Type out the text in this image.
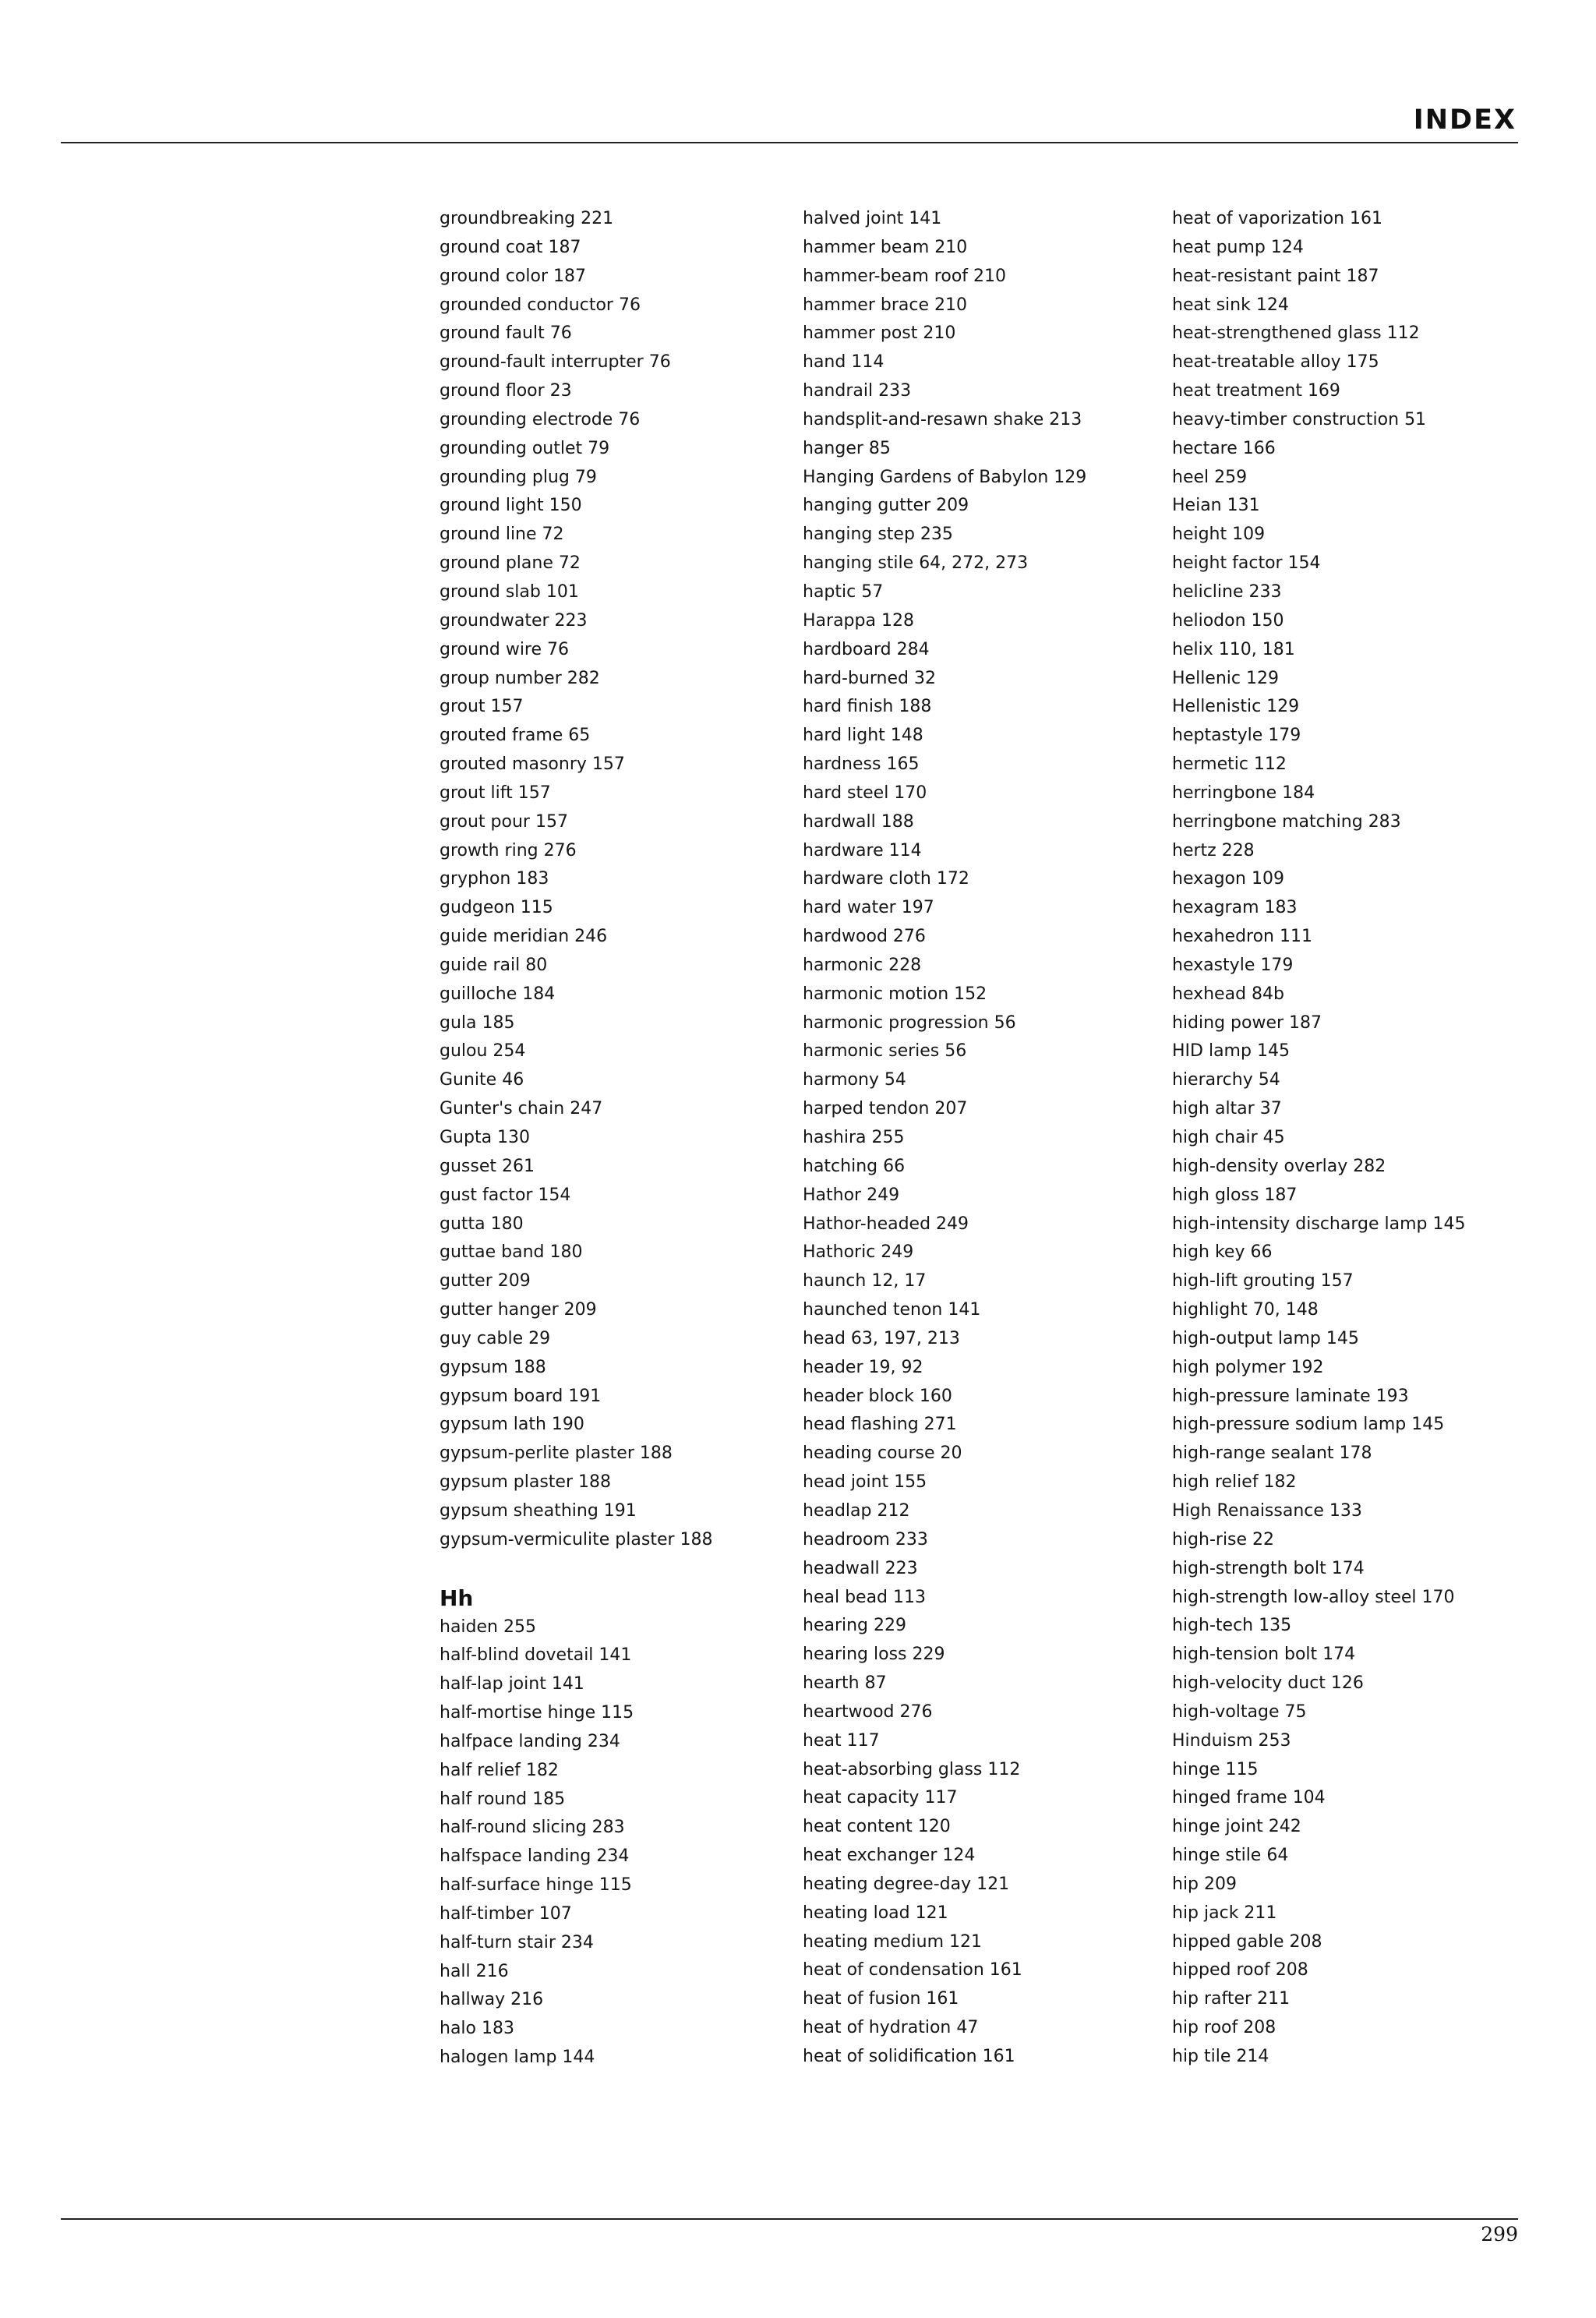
INDEX
groundbreaking 221
ground coat 187
ground color 187
grounded conductor 76
ground fault 76
ground-fault interrupter 76
ground floor 23
grounding electrode 76
grounding outlet 79
grounding plug 79
ground light 150
ground line 72
ground plane 72
ground slab 101
groundwater 223
ground wire 76
group number 282
grout 157
grouted frame 65
grouted masonry 157
grout lift 157
grout pour 157
growth ring 276
gryphon 183
gudgeon 115
guide meridian 246
guide rail 80
guilloche 184
gula 185
gulou 254
Gunite 46
Gunter's chain 247
Gupta 130
gusset 261
gust factor 154
gutta 180
guttae band 180
gutter 209
gutter hanger 209
guy cable 29
gypsum 188
gypsum board 191
gypsum lath 190
gypsum-perlite plaster 188
gypsum plaster 188
gypsum sheathing 191
gypsum-vermiculite plaster 188
Hh
haiden 255
half-blind dovetail 141
half-lap joint 141
half-mortise hinge 115
halfpace landing 234
half relief 182
half round 185
half-round slicing 283
halfspace landing 234
half-surface hinge 115
half-timber 107
half-turn stair 234
hall 216
hallway 216
halo 183
halogen lamp 144
halved joint 141
hammer beam 210
hammer-beam roof 210
hammer brace 210
hammer post 210
hand 114
handrail 233
handsplit-and-resawn shake 213
hanger 85
Hanging Gardens of Babylon 129
hanging gutter 209
hanging step 235
hanging stile 64, 272, 273
haptic 57
Harappa 128
hardboard 284
hard-burned 32
hard finish 188
hard light 148
hardness 165
hard steel 170
hardwall 188
hardware 114
hardware cloth 172
hard water 197
hardwood 276
harmonic 228
harmonic motion 152
harmonic progression 56
harmonic series 56
harmony 54
harped tendon 207
hashira 255
hatching 66
Hathor 249
Hathor-headed 249
Hathoric 249
haunch 12, 17
haunched tenon 141
head 63, 197, 213
header 19, 92
header block 160
head flashing 271
heading course 20
head joint 155
headlap 212
headroom 233
headwall 223
heal bead 113
hearing 229
hearing loss 229
hearth 87
heartwood 276
heat 117
heat-absorbing glass 112
heat capacity 117
heat content 120
heat exchanger 124
heating degree-day 121
heating load 121
heating medium 121
heat of condensation 161
heat of fusion 161
heat of hydration 47
heat of solidification 161
heat of vaporization 161
heat pump 124
heat-resistant paint 187
heat sink 124
heat-strengthened glass 112
heat-treatable alloy 175
heat treatment 169
heavy-timber construction 51
hectare 166
heel 259
Heian 131
height 109
height factor 154
helicline 233
heliodon 150
helix 110, 181
Hellenic 129
Hellenistic 129
heptastyle 179
hermetic 112
herringbone 184
herringbone matching 283
hertz 228
hexagon 109
hexagram 183
hexahedron 111
hexastyle 179
hexhead 84b
hiding power 187
HID lamp 145
hierarchy 54
high altar 37
high chair 45
high-density overlay 282
high gloss 187
high-intensity discharge lamp 145
high key 66
high-lift grouting 157
highlight 70, 148
high-output lamp 145
high polymer 192
high-pressure laminate 193
high-pressure sodium lamp 145
high-range sealant 178
high relief 182
High Renaissance 133
high-rise 22
high-strength bolt 174
high-strength low-alloy steel 170
high-tech 135
high-tension bolt 174
high-velocity duct 126
high-voltage 75
Hinduism 253
hinge 115
hinged frame 104
hinge joint 242
hinge stile 64
hip 209
hip jack 211
hipped gable 208
hipped roof 208
hip rafter 211
hip roof 208
hip tile 214
299
